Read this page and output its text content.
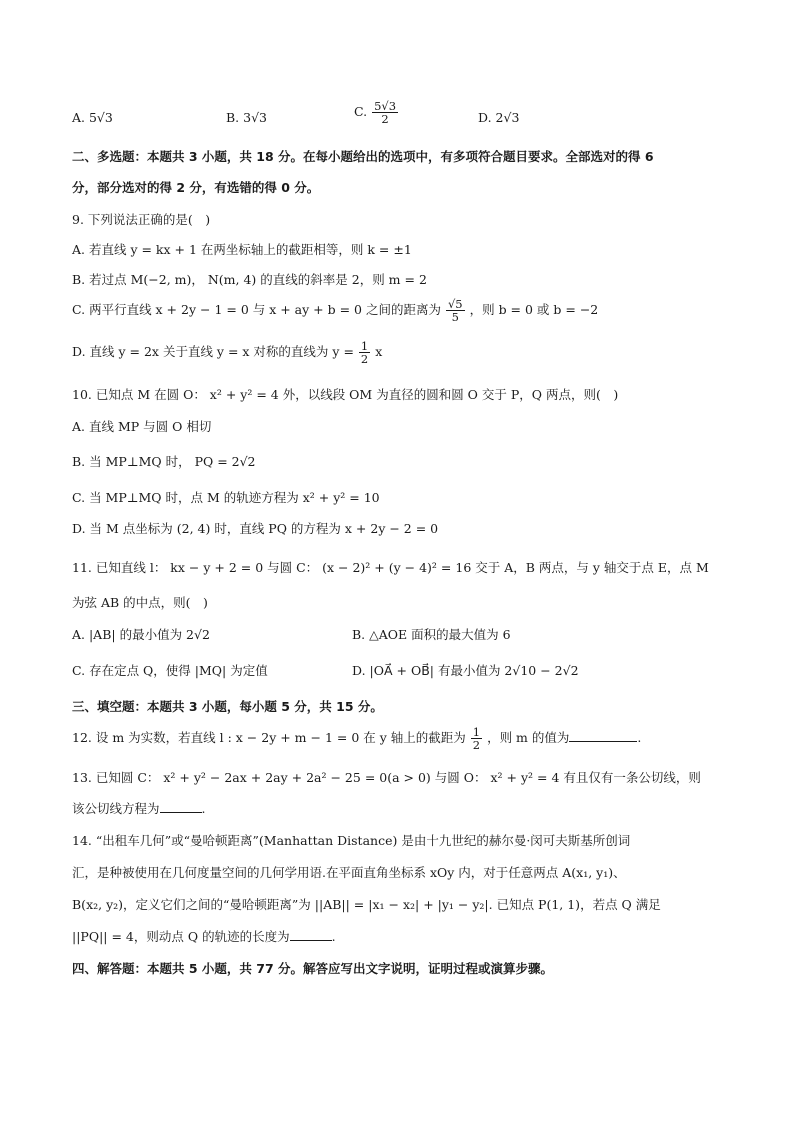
A. 5√3	B. 3√3	C. $\frac{5√3}{2}$	D. 2√3
二、多选题：本题共 3 小题，共 18 分。在每小题给出的选项中，有多项符合题目要求。全部选对的得 6
分，部分选对的得 2 分，有选错的得 0 分。
9. 下列说法正确的是(　)
A. 若直线 y = kx + 1 在两坐标轴上的截距相等，则 k = ±1
B. 若过点 M(−2, m)， N(m, 4) 的直线的斜率是 2，则 m = 2
C. 两平行直线 x + 2y − 1 = 0 与 x + ay + b = 0 之间的距离为 $\frac{√5}{5}$ ，则 b = 0 或 b = −2
D. 直线 y = 2x 关于直线 y = x 对称的直线为 $y = \frac{1}{2}$ x
10. 已知点 M 在圆 O： x² + y² = 4 外，以线段 OM 为直径的圆和圆 O 交于 P，Q 两点，则(　)
A. 直线 MP 与圆 O 相切
B. 当 MP⊥MQ 时， PQ = 2√2
C. 当 MP⊥MQ 时，点 M 的轨迹方程为 x² + y² = 10
D. 当 M 点坐标为 (2, 4) 时，直线 PQ 的方程为 x + 2y − 2 = 0
11. 已知直线 l： kx − y + 2 = 0 与圆 C： (x − 2)² + (y − 4)² = 16 交于 A，B 两点，与 y 轴交于点 E，点 M
为弦 AB 的中点，则(　)
A. |AB| 的最小值为 2√2	B. △AOE 面积的最大值为 6
C. 存在定点 Q，使得 |MQ| 为定值	D. |OA⃗ + OB⃗| 有最小值为 2√10 − 2√2
三、填空题：本题共 3 小题，每小题 5 分，共 15 分。
12. 设 m 为实数，若直线 l : x − 2y + m − 1 = 0 在 y 轴上的截距为 $\frac{1}{2}$ ，则 m 的值为	.
13. 已知圆 C： x² + y² − 2ax + 2ay + 2a² − 25 = 0(a > 0) 与圆 O： x² + y² = 4 有且仅有一条公切线，则
该公切线方程为	.
14. “出租车几何”或“曼哈顿距离”(Manhattan Distance) 是由十九世纪的赫尔曼·闵可夫斯基所创词
汇，是种被使用在几何度量空间的几何学用语.在平面直角坐标系 xOy 内，对于任意两点 A(x₁, y₁)、
B(x₂, y₂)，定义它们之间的“曼哈顿距离”为 ||AB|| = |x₁ − x₂| + |y₁ − y₂|. 已知点 P(1, 1)，若点 Q 满足
||PQ|| = 4，则动点 Q 的轨迹的长度为	.
四、解答题：本题共 5 小题，共 77 分。解答应写出文字说明，证明过程或演算步骤。
